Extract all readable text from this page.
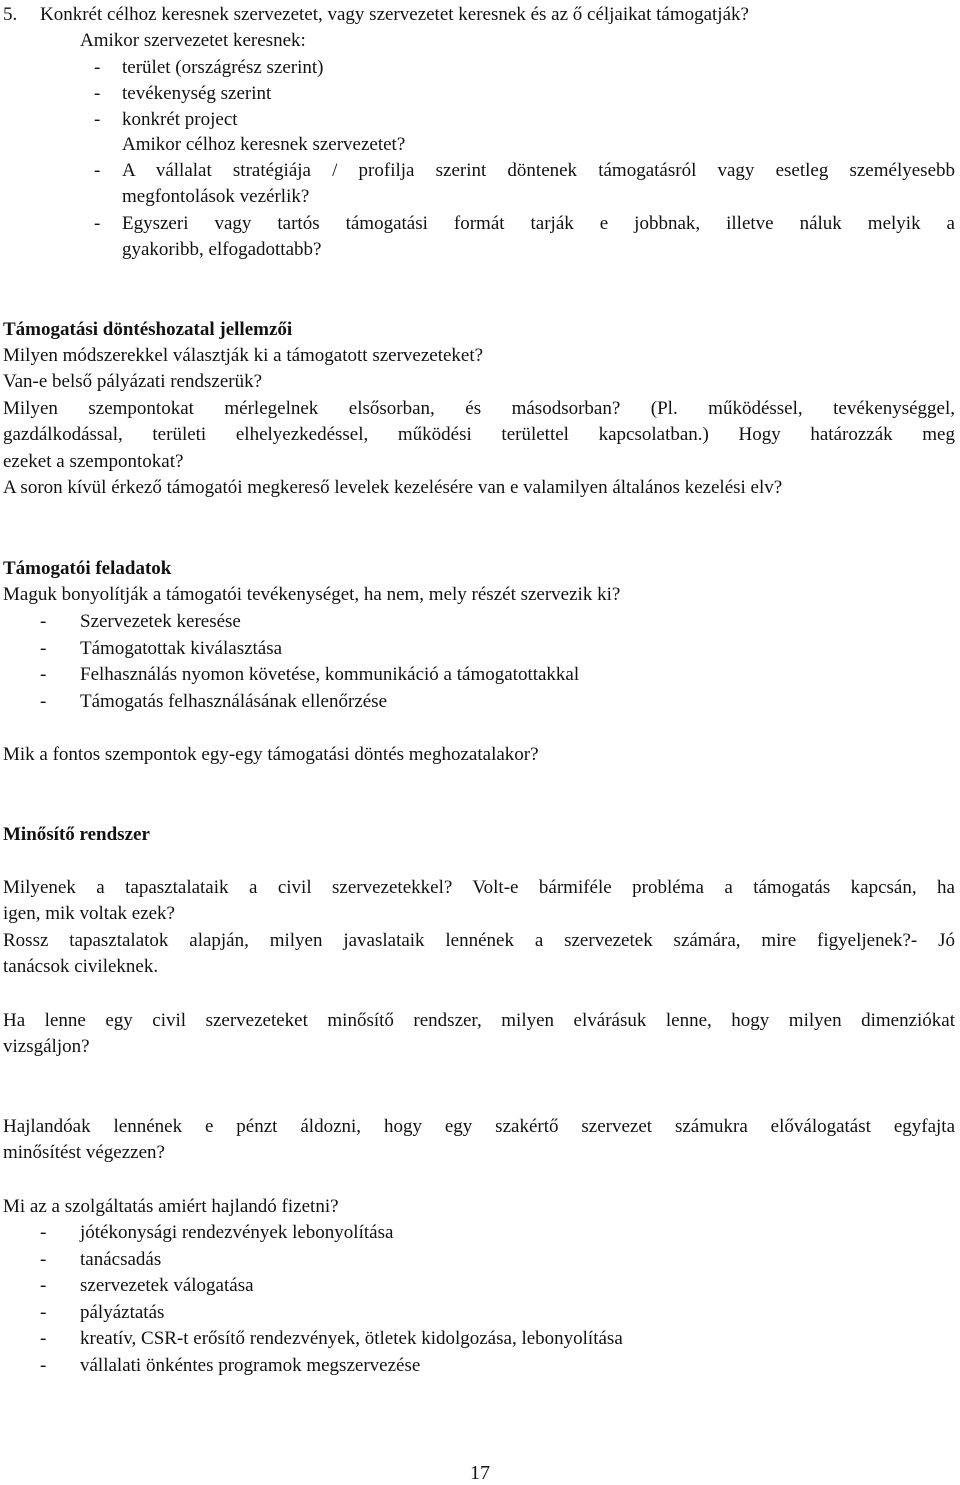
5. Konkrét célhoz keresnek szervezetet, vagy szervezetet keresnek és az ő céljaikat támogatják?
Amikor szervezetet keresnek:
- terület (országrész szerint)
- tevékenység szerint
- konkrét project
Amikor célhoz keresnek szervezetet?
- A vállalat stratégiája / profilja szerint döntenek támogatásról vagy esetleg személyesebb
megfontolások vezérlik?
- Egyszeri vagy tartós támogatási formát tarják e jobbnak, illetve náluk melyik a
gyakoribb, elfogadottabb?
Támogatási döntéshozatal jellemzői
Milyen módszerekkel választják ki a támogatott szervezeteket?
Van-e belső pályázati rendszerük?
Milyen szempontokat mérlegelnek elsősorban, és másodsorban? (Pl. működéssel, tevékenységgel,
gazdálkodással, területi elhelyezkedéssel, működési területtel kapcsolatban.) Hogy határozzák meg
ezeket a szempontokat?
A soron kívül érkező támogatói megkereső levelek kezelésére van e valamilyen általános kezelési elv?
Támogatói feladatok
Maguk bonyolítják a támogatói tevékenységet, ha nem, mely részét szervezik ki?
- Szervezetek keresése
- Támogatottak kiválasztása
- Felhasználás nyomon követése, kommunikáció a támogatottakkal
- Támogatás felhasználásának ellenőrzése
Mik a fontos szempontok egy-egy támogatási döntés meghozatalakor?
Minősítő rendszer
Milyenek a tapasztalataik a civil szervezetekkel? Volt-e bármiféle probléma a támogatás kapcsán, ha
igen, mik voltak ezek?
Rossz tapasztalatok alapján, milyen javaslataik lennének a szervezetek számára, mire figyeljenek?- Jó
tanácsok civileknek.
Ha lenne egy civil szervezeteket minősítő rendszer, milyen elvárásuk lenne, hogy milyen dimenziókat
vizsgáljon?
Hajlandóak lennének e pénzt áldozni, hogy egy szakértő szervezet számukra előválogatást egyfajta
minősítést végezzen?
Mi az a szolgáltatás amiért hajlandó fizetni?
- jótékonysági rendezvények lebonyolítása
- tanácsadás
- szervezetek válogatása
- pályáztatás
- kreatív, CSR-t erősítő rendezvények, ötletek kidolgozása, lebonyolítása
- vállalati önkéntes programok megszervezése
17
